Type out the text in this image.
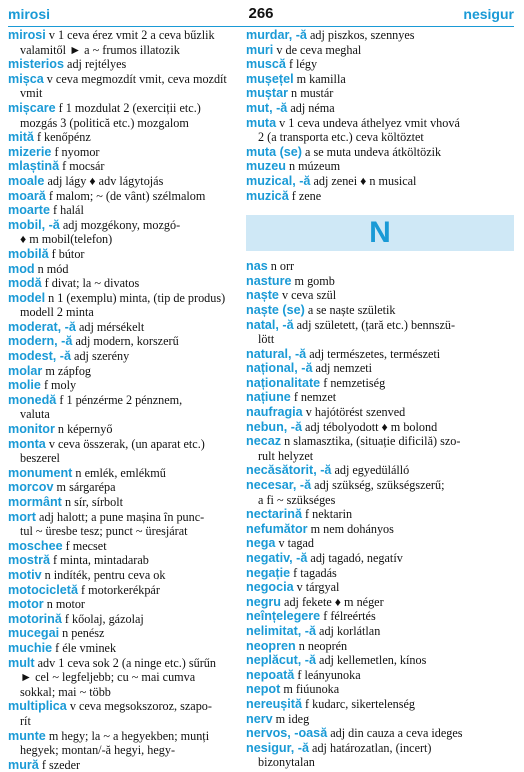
mirosi	266	nesigur
mirosi v 1 ceva érez vmit 2 a ceva bűzlik
valamitől ► a ~ frumos illatozik
misterios adj rejtélyes
mișca v ceva megmozdít vmit, ceva mozdít
vmit
mișcare f 1 mozdulat 2 (exerciții etc.)
mozgás 3 (politică etc.) mozgalom
mită f kenőpénz
mizerie f nyomor
mlaștină f mocsár
moale adj lágy ♦ adv lágytojás
moară f malom; ~ (de vânt) szélmalom
moarte f halál
mobil, -ă adj mozgékony, mozgó-
♦ m mobil(telefon)
mobilă f bútor
mod n mód
modă f divat; la ~ divatos
model n 1 (exemplu) minta, (tip de produs)
modell 2 minta
moderat, -ă adj mérsékelt
modern, -ă adj modern, korszerű
modest, -ă adj szerény
molar m zápfog
molie f moly
monedă f 1 pénzérme 2 pénznem,
valuta
monitor n képernyő
monta v ceva összerak, (un aparat etc.)
beszerel
monument n emlék, emlékmű
morcov m sárgarépa
mormânt n sír, sírbolt
mort adj halott; a pune mașina în punc-
tul ~ üresbe tesz; punct ~ üresjárat
moschee f mecset
mostră f minta, mintadarab
motiv n indíték, pentru ceva ok
motocicletă f motorkerékpár
motor n motor
motorină f kőolaj, gázolaj
mucegai n penész
muchie f éle vminek
mult adv 1 ceva sok 2 (a ninge etc.) sűrűn
► cel ~ legfeljebb; cu ~ mai cumva
sokkal; mai ~ több
multiplica v ceva megsokszoroz, szapo-
rít
munte m hegy; la ~ a hegyekben; munți
hegyek; montan/-ă hegyi, hegy-
mură f szeder
murdar, -ă adj piszkos, szennyes
muri v de ceva meghal
muscă f légy
mușețel m kamilla
muștar n mustár
mut, -ă adj néma
muta v 1 ceva undeva áthelyez vmit vhová
2 (a transporta etc.) ceva költöztet
muta (se) a se muta undeva átköltözik
muzeu n múzeum
muzical, -ă adj zenei ♦ n musical
muzică f zene
N
nas n orr
nasture m gomb
naște v ceva szül
naște (se) a se naște születik
natal, -ă adj született, (țară etc.) bennszü-
lött
natural, -ă adj természetes, természeti
național, -ă adj nemzeti
naționalitate f nemzetiség
națiune f nemzet
naufragia v hajótörést szenved
nebun, -ă adj tébolyodott ♦ m bolond
necaz n slamasztika, (situație dificilă) szo-
rult helyzet
necăsătorit, -ă adj egyedülálló
necesar, -ă adj szükség, szükségszerű;
a fi ~ szükséges
nectarină f nektarin
nefumător m nem dohányos
nega v tagad
negativ, -ă adj tagadó, negatív
negație f tagadás
negocia v tárgyal
negru adj fekete ♦ m néger
neînțelegere f félreértés
nelimitat, -ă adj korlátlan
neopren n neoprén
neplăcut, -ă adj kellemetlen, kínos
nepoată f leányunoka
nepot m fiúunoka
nereușită f kudarc, sikertelenség
nerv m ideg
nervos, -oasă adj din cauza a ceva ideges
nesigur, -ă adj határozatlan, (incert)
bizonytalan
